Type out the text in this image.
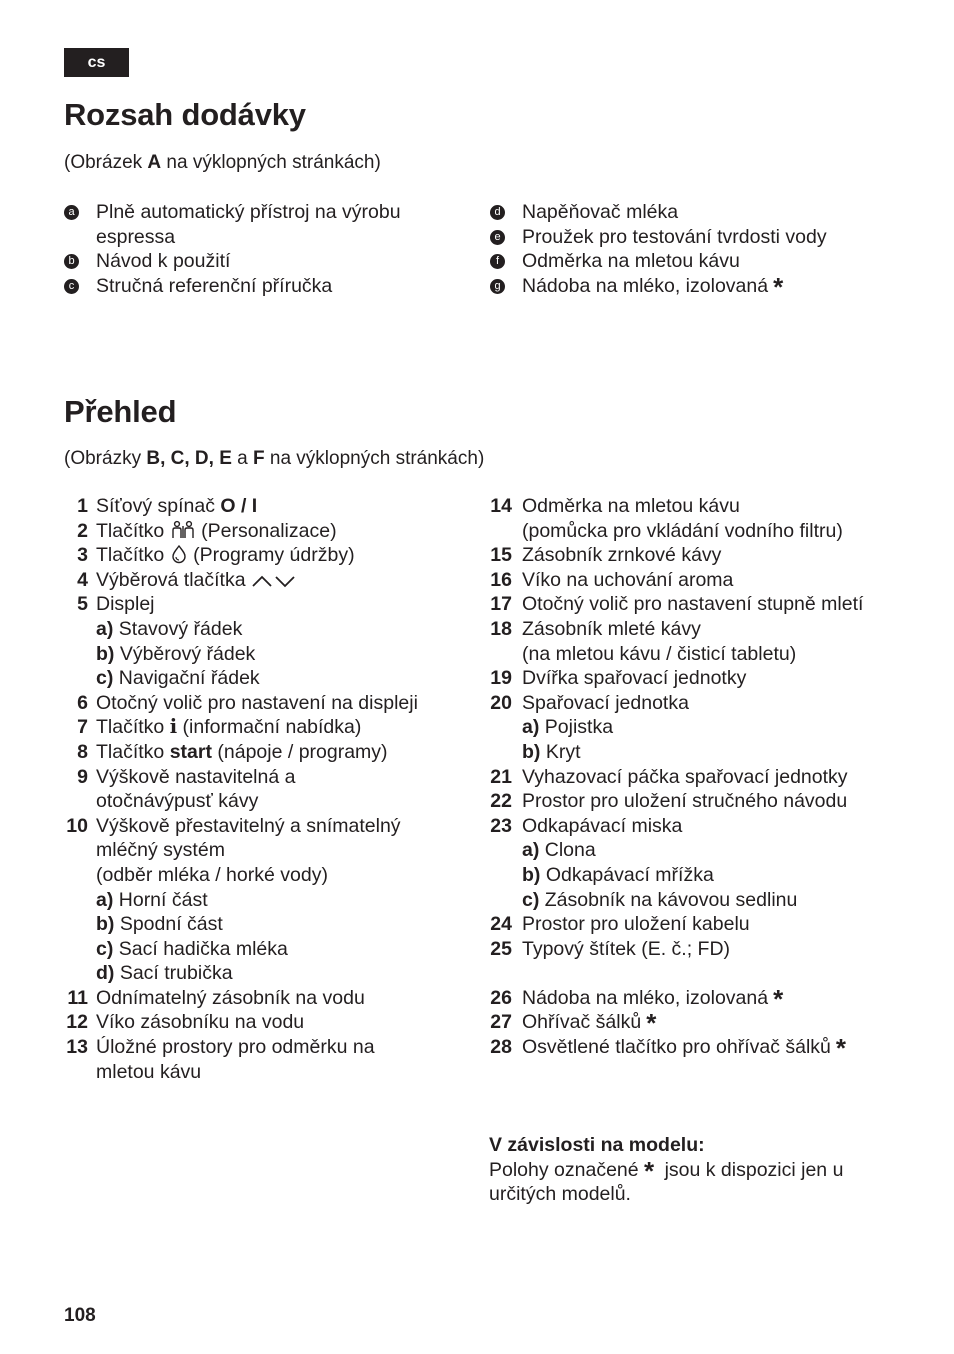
cs
Rozsah dodávky

(Obrázek A na výklopných stránkách)

a Plně automatický přístroj na výrobu
espressa
b Návod k použití
c Stručná referenční příručka
d Napěňovač mléka
e Proužek pro testování tvrdosti vody
f	Odměrka na mletou kávu
g Nádoba na mléko, izolovaná *
Přehled

(Obrázky B, C, D, E a F na výklopných stránkách)

1 Síťový spínač O / I
2 Tlačítko  (Personalizace)
3 Tlačítko  (Programy údržby)
4 Výběrová tlačítka
5 Displej
a) Stavový řádek
b) Výběrový řádek
c) Navigační řádek
6 Otočný volič pro nastavení na displeji
7 Tlačítko i (informační nabídka)
8 Tlačítko start (nápoje / programy)
9 Výškově nastavitelná a
otočnávýpusť kávy
10 Výškově přestavitelný a snímatelný
mléčný systém
(odběr mléka / horké vody)
a) Horní část
b) Spodní část
c) Sací hadička mléka
d) Sací trubička
11 Odnímatelný zásobník na vodu
12 Víko zásobníku na vodu
13 Úložné prostory pro odměrku na
mletou kávu
14 Odměrka na mletou kávu
(pomůcka pro vkládání vodního filtru)
15 Zásobník zrnkové kávy
16 Víko na uchování aroma
17 Otočný volič pro nastavení stupně mletí
18 Zásobník mleté kávy
(na mletou kávu / čisticí tabletu)
19 Dvířka spařovací jednotky
20 Spařovací jednotka
a) Pojistka
b) Kryt
21 Vyhazovací páčka spařovací jednotky
22 Prostor pro uložení stručného návodu
23 Odkapávací miska
a) Clona
b) Odkapávací mřížka
c) Zásobník na kávovou sedlinu
24 Prostor pro uložení kabelu
25 Typový štítek (E. č.; FD)
26 Nádoba na mléko, izolovaná *
27 Ohřívač šálků *
28 Osvětlené tlačítko pro ohřívač šálků *
V závislosti na modelu:
Polohy označené * jsou k dispozici jen u
určitých modelů.
108
